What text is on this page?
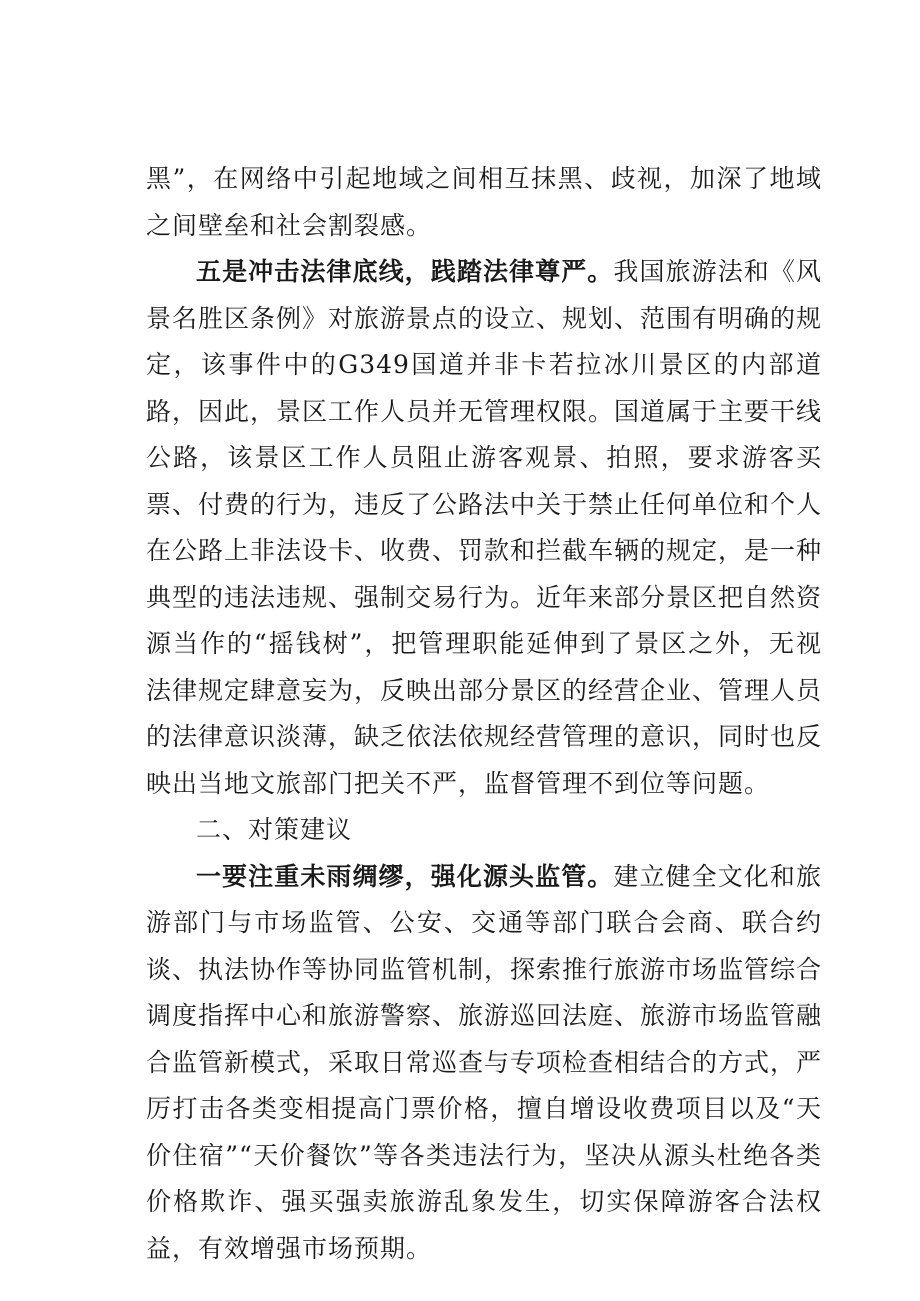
黑”，在网络中引起地域之间相互抹黑、歧视，加深了地域之间壁垒和社会割裂感。

五是冲击法律底线，践踏法律尊严。我国旅游法和《风景名胜区条例》对旅游景点的设立、规划、范围有明确的规定，该事件中的G349国道并非卡若拉冰川景区的内部道路，因此，景区工作人员并无管理权限。国道属于主要干线公路，该景区工作人员阻止游客观景、拍照，要求游客买票、付费的行为，违反了公路法中关于禁止任何单位和个人在公路上非法设卡、收费、罚款和拦截车辆的规定，是一种典型的违法违规、强制交易行为。近年来部分景区把自然资源当作的“摇钱树”，把管理职能延伸到了景区之外，无视法律规定肆意妄为，反映出部分景区的经营企业、管理人员的法律意识淡薄，缺乏依法依规经营管理的意识，同时也反映出当地文旅部门把关不严，监督管理不到位等问题。

二、对策建议

一要注重未雨绸缪，强化源头监管。建立健全文化和旅游部门与市场监管、公安、交通等部门联合会商、联合约谈、执法协作等协同监管机制，探索推行旅游市场监管综合调度指挥中心和旅游警察、旅游巡回法庭、旅游市场监管融合监管新模式，采取日常巡查与专项检查相结合的方式，严厉打击各类变相提高门票价格，擅自增设收费项目以及“天价住宿”“天价餐饮”等各类违法行为，坚决从源头杜绝各类价格欺诈、强买强卖旅游乱象发生，切实保障游客合法权益，有效增强市场预期。
